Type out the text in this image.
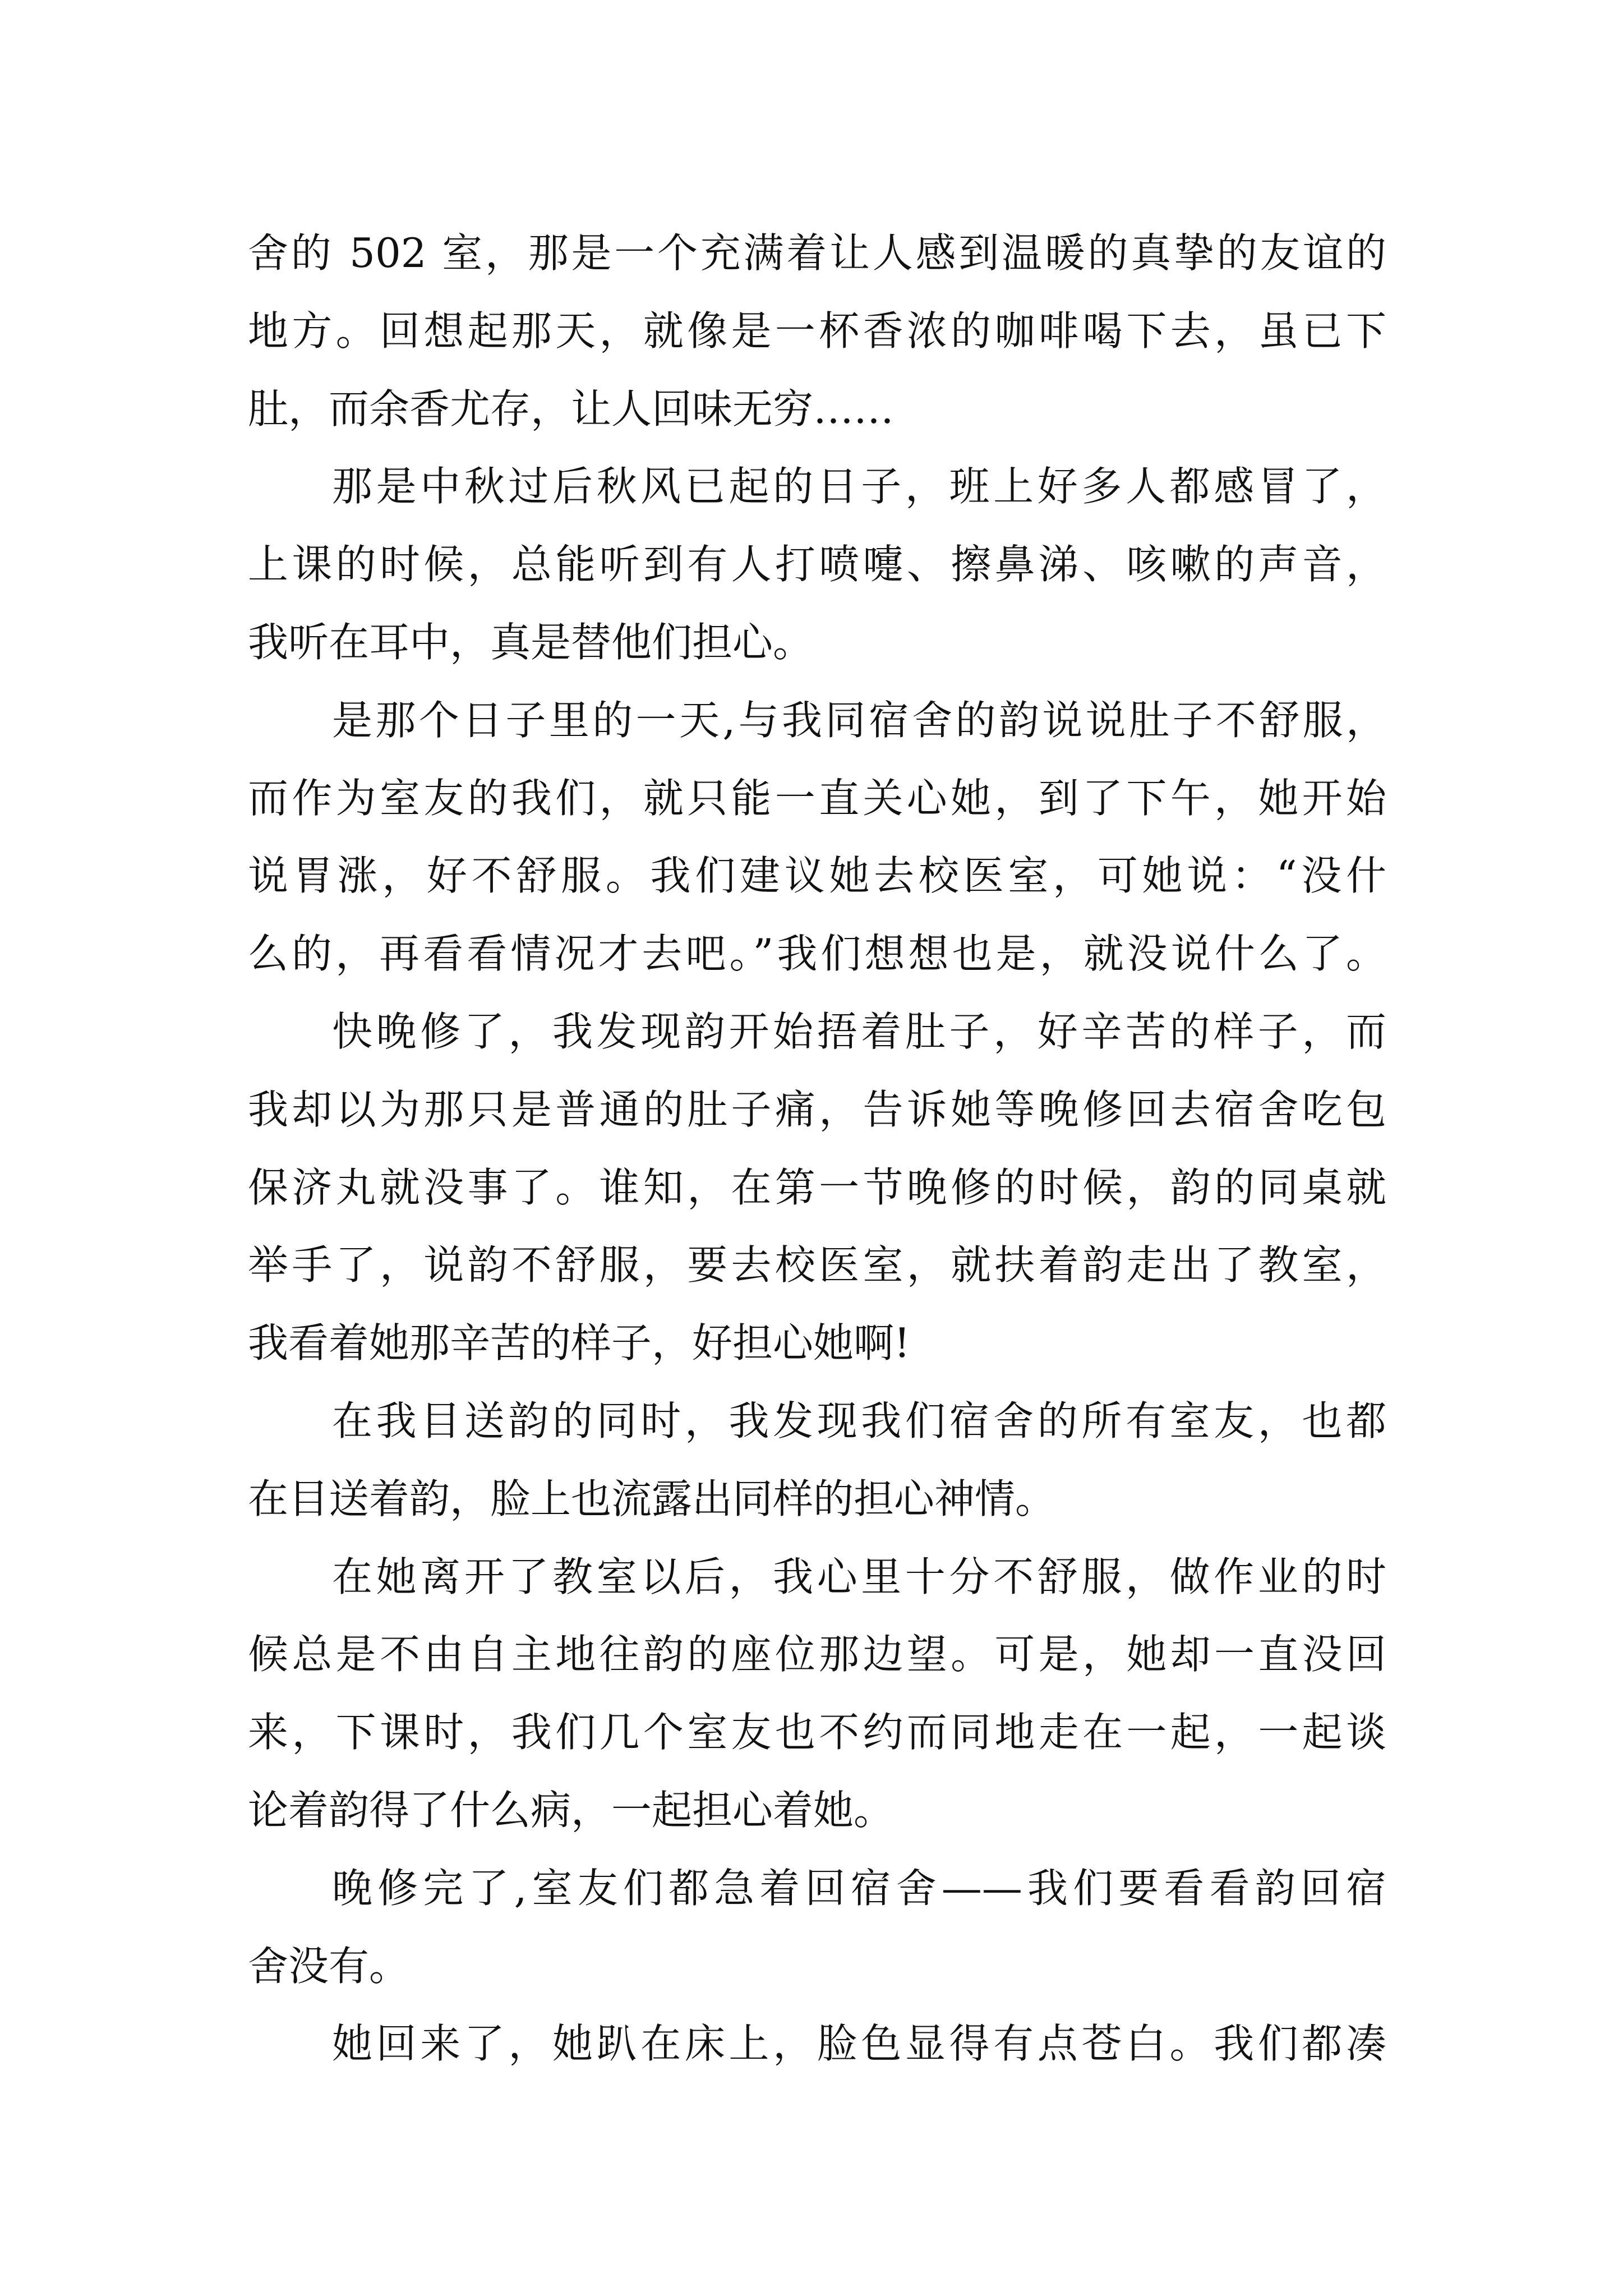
舍的 502 室，那是一个充满着让人感到温暖的真挚的友谊的
地方。回想起那天，就像是一杯香浓的咖啡喝下去，虽已下
肚，而余香尤存，让人回味无穷……
那是中秋过后秋风已起的日子，班上好多人都感冒了，
上课的时候，总能听到有人打喷嚏、擦鼻涕、咳嗽的声音，
我听在耳中，真是替他们担心。
是那个日子里的一天,与我同宿舍的韵说说肚子不舒服，
而作为室友的我们，就只能一直关心她，到了下午，她开始
说胃涨，好不舒服。我们建议她去校医室，可她说：“没什
么的，再看看情况才去吧。”我们想想也是，就没说什么了。
快晚修了，我发现韵开始捂着肚子，好辛苦的样子，而
我却以为那只是普通的肚子痛，告诉她等晚修回去宿舍吃包
保济丸就没事了。谁知，在第一节晚修的时候，韵的同桌就
举手了，说韵不舒服，要去校医室，就扶着韵走出了教室，
我看着她那辛苦的样子，好担心她啊!
在我目送韵的同时，我发现我们宿舍的所有室友，也都
在目送着韵，脸上也流露出同样的担心神情。
在她离开了教室以后，我心里十分不舒服，做作业的时
候总是不由自主地往韵的座位那边望。可是，她却一直没回
来，下课时，我们几个室友也不约而同地走在一起，一起谈
论着韵得了什么病，一起担心着她。
晚修完了,室友们都急着回宿舍——我们要看看韵回宿
舍没有。
她回来了，她趴在床上，脸色显得有点苍白。我们都凑
